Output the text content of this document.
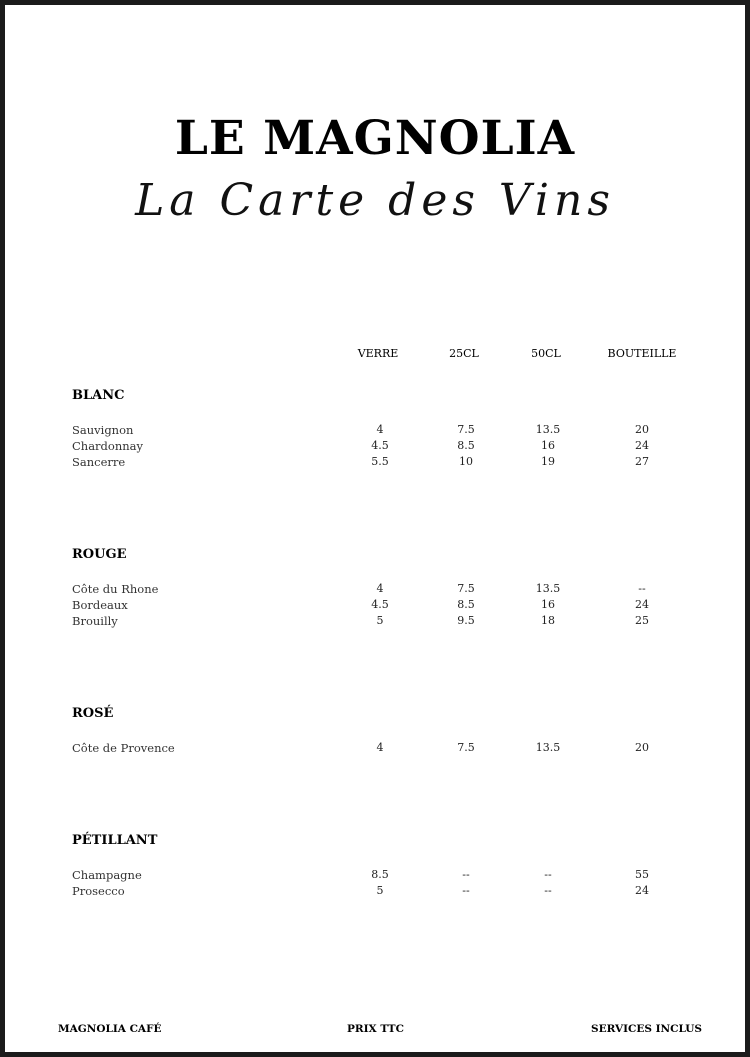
LE MAGNOLIA
La Carte des Vins
VERRE	25CL	50CL	BOUTEILLE
BLANC
Sauvignon	4	7.5	13.5	20
Chardonnay	4.5	8.5	16	24
Sancerre	5.5	10	19	27
ROUGE
Côte du Rhone	4	7.5	13.5	--
Bordeaux	4.5	8.5	16	24
Brouilly	5	9.5	18	25
ROSÉ
Côte de Provence	4	7.5	13.5	20
PÉTILLANT
Champagne	8.5	--	--	55
Prosecco	5	--	--	24
MAGNOLIA CAFÉ	PRIX TTC	SERVICES INCLUS
